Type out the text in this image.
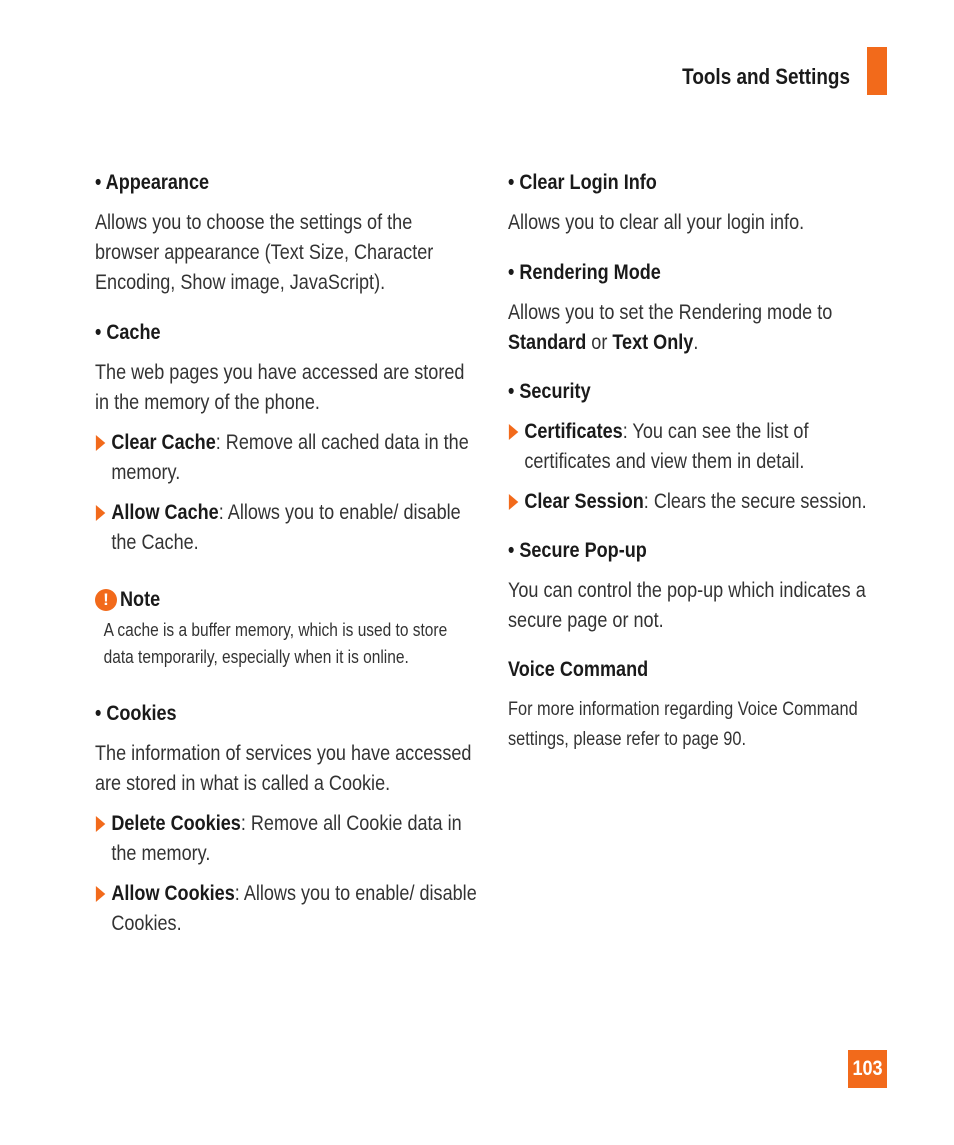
Tools and Settings
• Appearance
Allows you to choose the settings of the browser appearance (Text Size, Character Encoding, Show image, JavaScript).
• Cache
The web pages you have accessed are stored in the memory of the phone.
Clear Cache: Remove all cached data in the memory.
Allow Cache: Allows you to enable/ disable the Cache.
! Note
A cache is a buffer memory, which is used to store data temporarily, especially when it is online.
• Cookies
The information of services you have accessed are stored in what is called a Cookie.
Delete Cookies: Remove all Cookie data in the memory.
Allow Cookies: Allows you to enable/ disable Cookies.
• Clear Login Info
Allows you to clear all your login info.
• Rendering Mode
Allows you to set the Rendering mode to Standard or Text Only.
• Security
Certificates: You can see the list of certificates and view them in detail.
Clear Session: Clears the secure session.
• Secure Pop-up
You can control the pop-up which indicates a secure page or not.
Voice Command
For more information regarding Voice Command settings, please refer to page 90.
103
